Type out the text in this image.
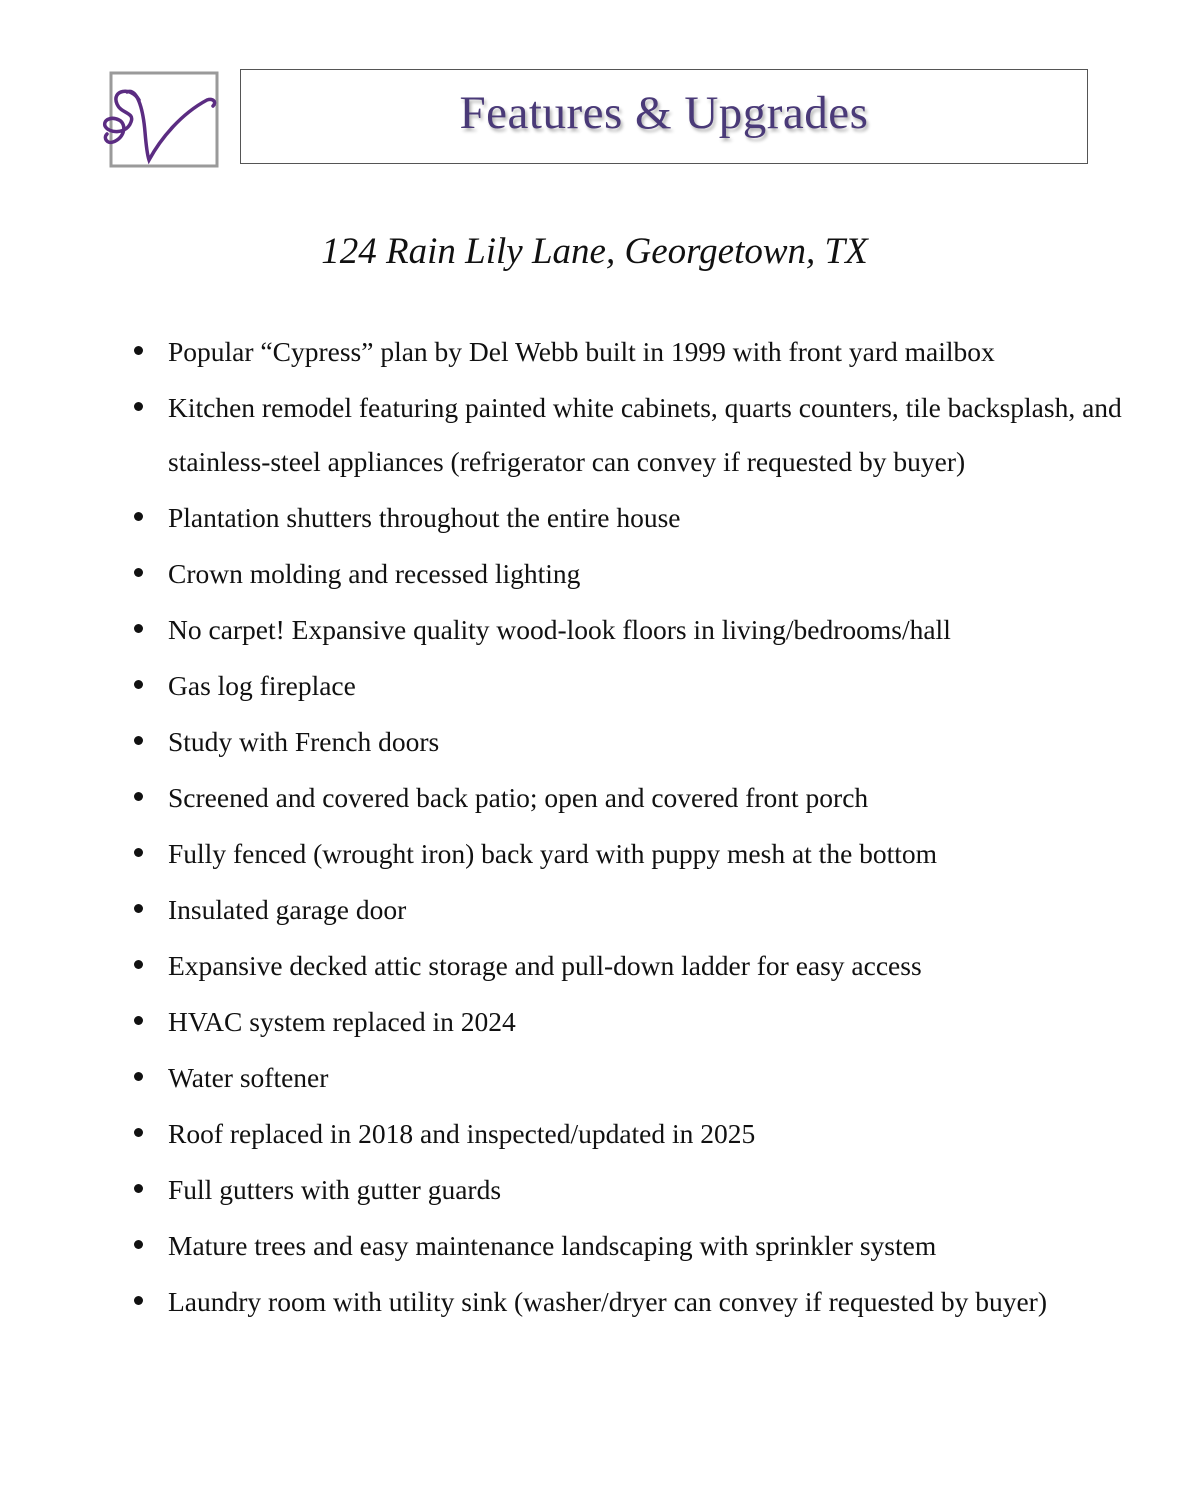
Features & Upgrades
124 Rain Lily Lane, Georgetown, TX
Popular “Cypress” plan by Del Webb built in 1999 with front yard mailbox
Kitchen remodel featuring painted white cabinets, quarts counters, tile backsplash, and stainless-steel appliances (refrigerator can convey if requested by buyer)
Plantation shutters throughout the entire house
Crown molding and recessed lighting
No carpet! Expansive quality wood-look floors in living/bedrooms/hall
Gas log fireplace
Study with French doors
Screened and covered back patio; open and covered front porch
Fully fenced (wrought iron) back yard with puppy mesh at the bottom
Insulated garage door
Expansive decked attic storage and pull-down ladder for easy access
HVAC system replaced in 2024
Water softener
Roof replaced in 2018 and inspected/updated in 2025
Full gutters with gutter guards
Mature trees and easy maintenance landscaping with sprinkler system
Laundry room with utility sink (washer/dryer can convey if requested by buyer)
